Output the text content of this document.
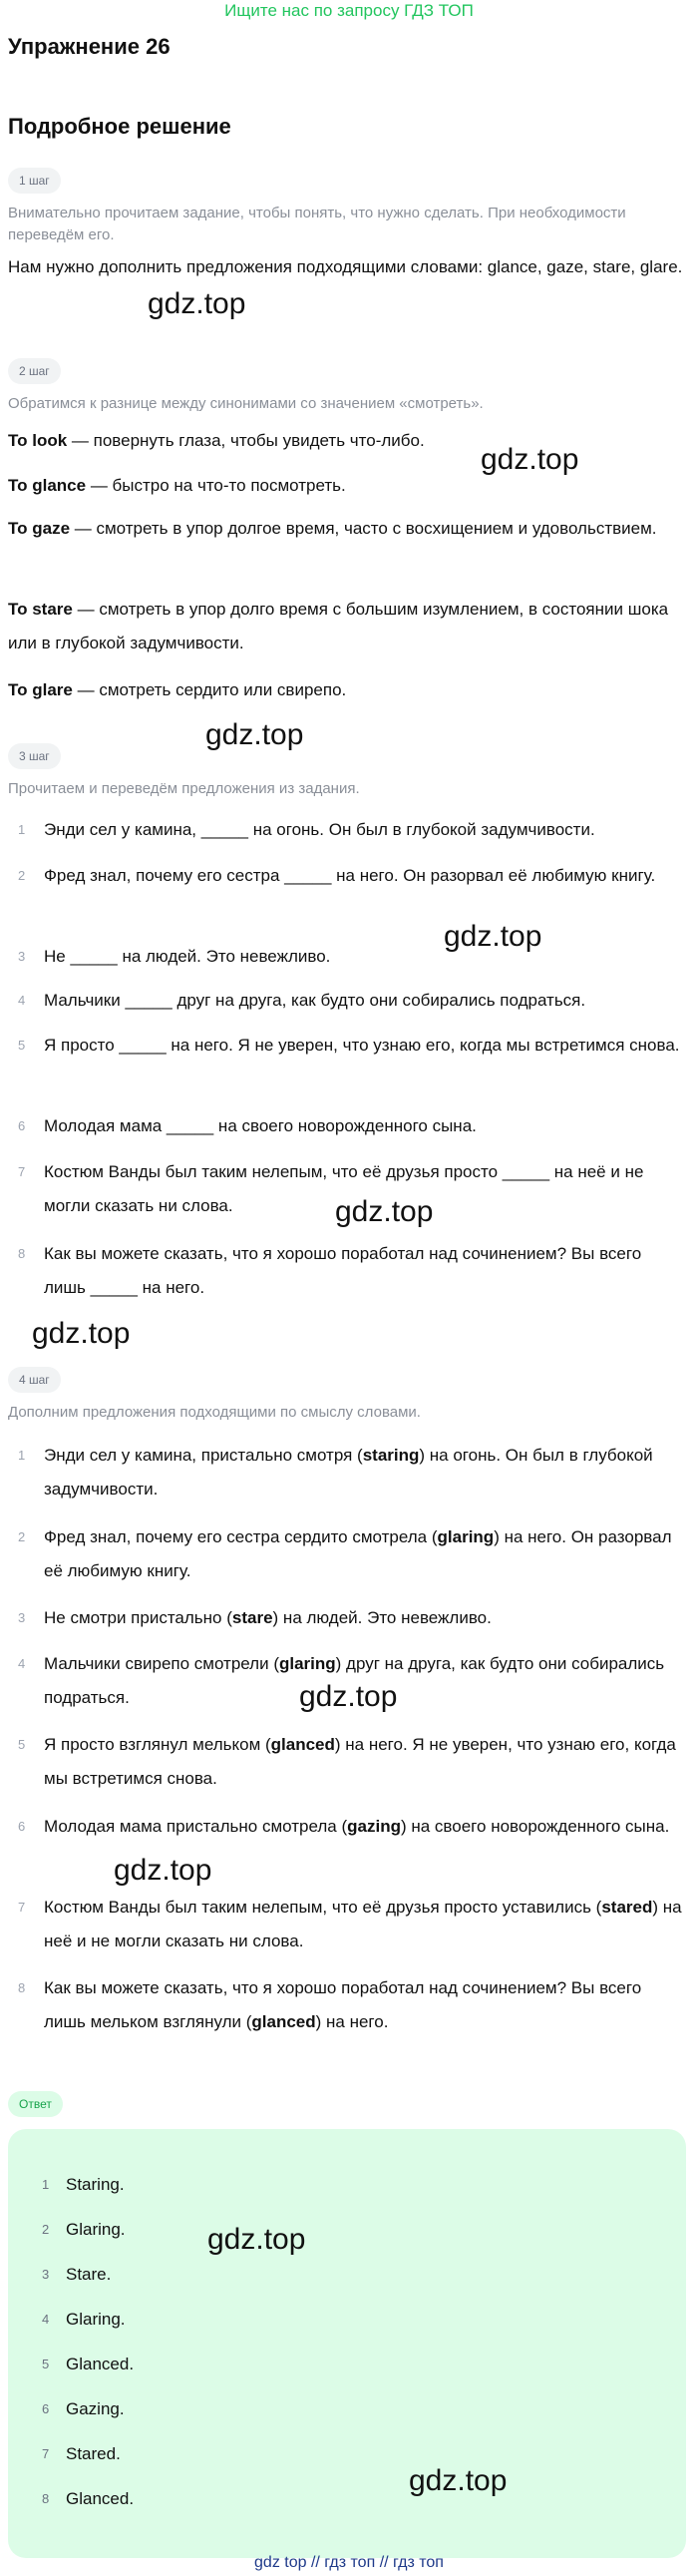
Ищите нас по запросу ГДЗ ТОП
Упражнение 26
Подробное решение
1 шаг
Внимательно прочитаем задание, чтобы понять, что нужно сделать. При необходимости переведём его.
Нам нужно дополнить предложения подходящими словами: glance, gaze, stare, glare.
2 шаг
Обратимся к разнице между синонимами со значением «смотреть».
To look — повернуть глаза, чтобы увидеть что-либо.
To glance — быстро на что-то посмотреть.
To gaze — смотреть в упор долгое время, часто с восхищением и удовольствием.
To stare — смотреть в упор долго время с большим изумлением, в состоянии шока или в глубокой задумчивости.
To glare — смотреть сердито или свирепо.
3 шаг
Прочитаем и переведём предложения из задания.
1	Энди сел у камина, _____ на огонь. Он был в глубокой задумчивости.
2	Фред знал, почему его сестра _____ на него. Он разорвал её любимую книгу.
3	Не _____ на людей. Это невежливо.
4	Мальчики _____ друг на друга, как будто они собирались подраться.
5	Я просто _____ на него. Я не уверен, что узнаю его, когда мы встретимся снова.
6	Молодая мама _____ на своего новорожденного сына.
7	Костюм Ванды был таким нелепым, что её друзья просто _____ на неё и не могли сказать ни слова.
8	Как вы можете сказать, что я хорошо поработал над сочинением? Вы всего лишь _____ на него.
4 шаг
Дополним предложения подходящими по смыслу словами.
1	Энди сел у камина, пристально смотря (staring) на огонь. Он был в глубокой задумчивости.
2	Фред знал, почему его сестра сердито смотрела (glaring) на него. Он разорвал её любимую книгу.
3	Не смотри пристально (stare) на людей. Это невежливо.
4	Мальчики свирепо смотрели (glaring) друг на друга, как будто они собирались подраться.
5	Я просто взглянул мельком (glanced) на него. Я не уверен, что узнаю его, когда мы встретимся снова.
6	Молодая мама пристально смотрела (gazing) на своего новорожденного сына.
7	Костюм Ванды был таким нелепым, что её друзья просто уставились (stared) на неё и не могли сказать ни слова.
8	Как вы можете сказать, что я хорошо поработал над сочинением? Вы всего лишь мельком взглянули (glanced) на него.
Ответ
1 Staring.
2 Glaring.
3 Stare.
4 Glaring.
5 Glanced.
6 Gazing.
7 Stared.
8 Glanced.
gdz.top
gdz.top
gdz.top
gdz.top
gdz.top
gdz.top
gdz.top
gdz.top
gdz.top
gdz.top
gdz top // гдз топ // гдз топ
